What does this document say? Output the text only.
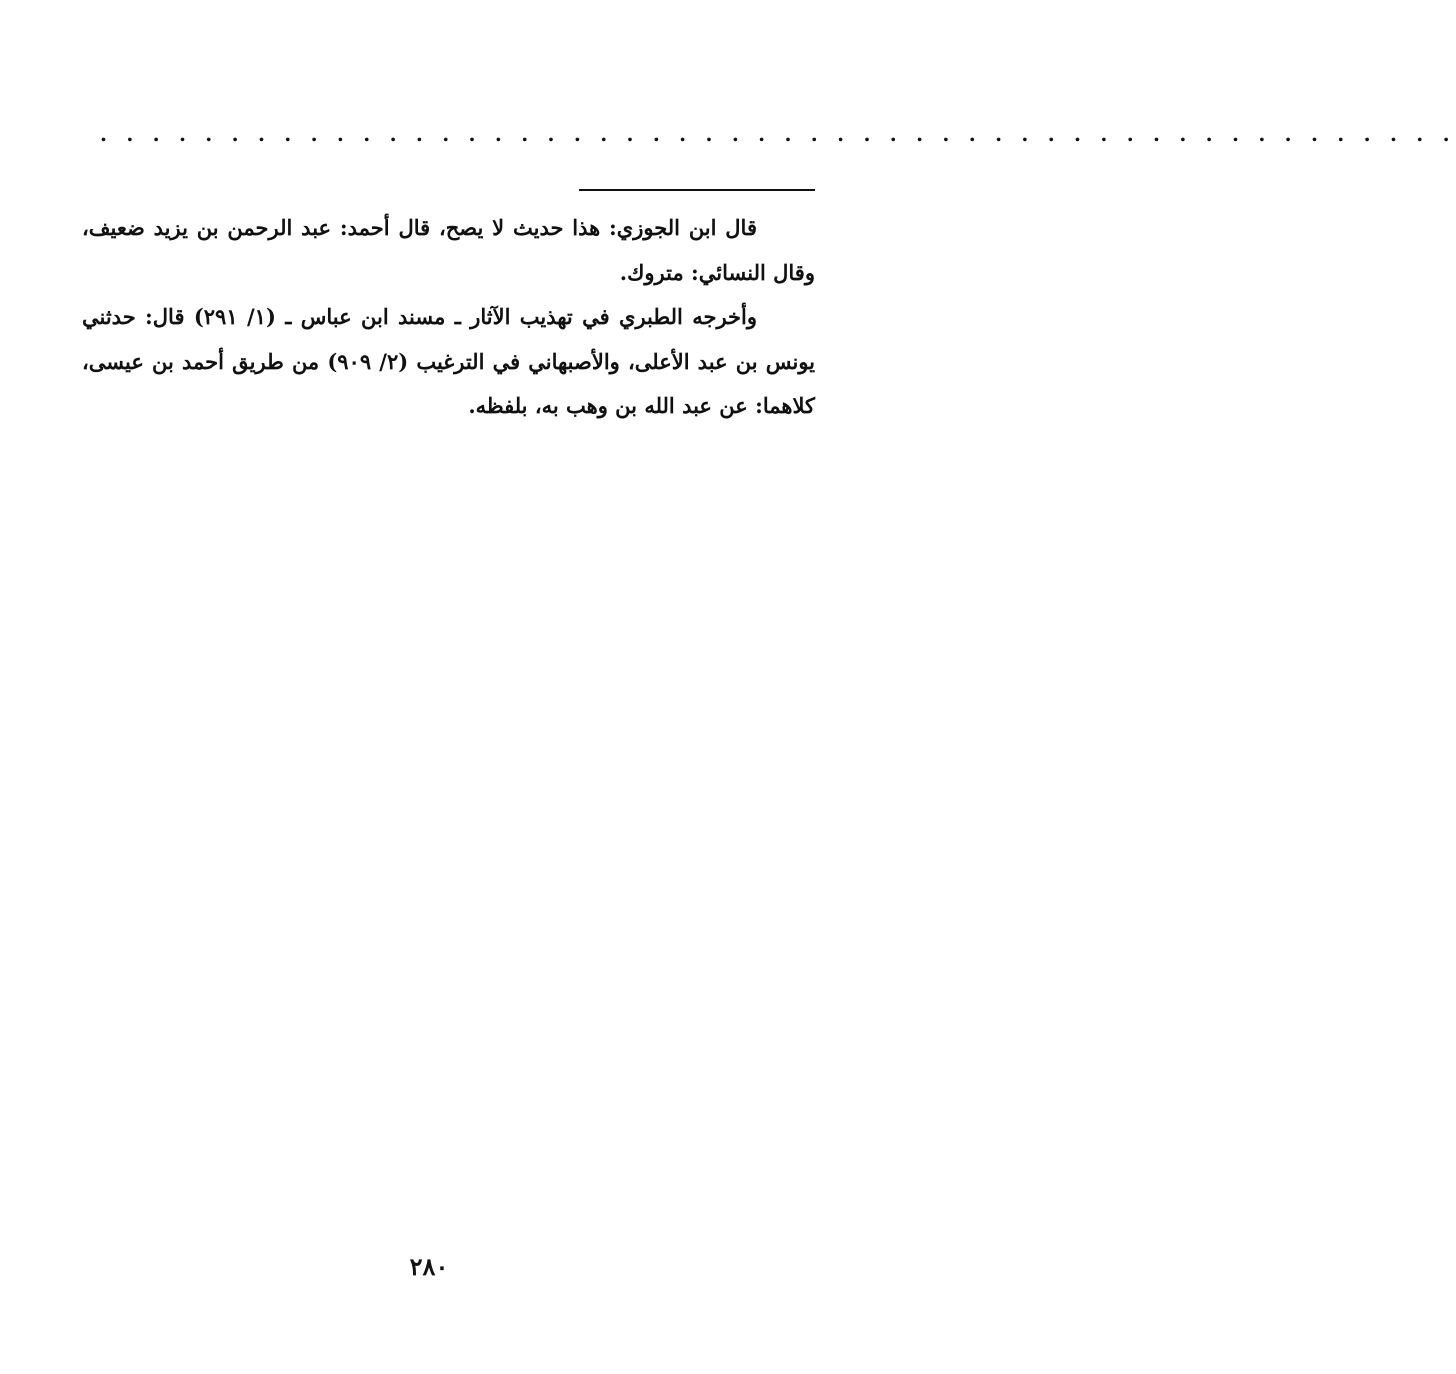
. . . . . . . . . . . . . . . . . . . . . . . . . . . . . . . . . . . . . . . . . . . . . . . . . . . .

قال ابن الجوزي: هذا حديث لا يصح، قال أحمد: عبد الرحمن بن يزيد ضعيف، وقال النسائي: متروك.

وأخرجه الطبري في تهذيب الآثار ـ مسند ابن عباس ـ (١/ ٢٩١) قال: حدثني يونس بن عبد الأعلى، والأصبهاني في الترغيب (٢/ ٩٠٩) من طريق أحمد بن عيسى، كلاهما: عن عبد الله بن وهب به، بلفظه.

٢٨٠
